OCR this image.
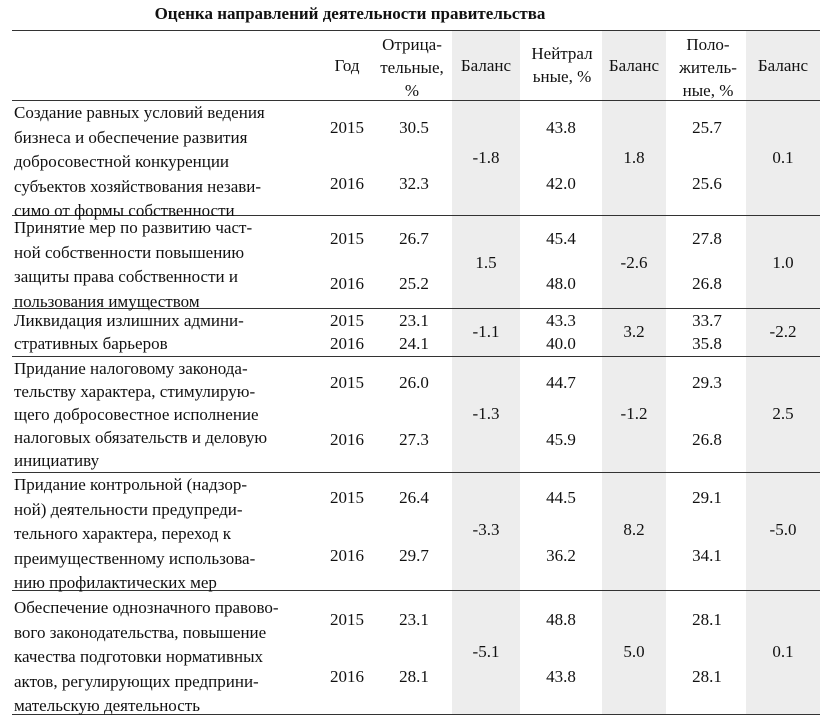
Оценка направлений деятельности правительства
Год
Отрица-
тельные,
%
Баланс
Нейтрал
ьные, %
Баланс
Поло-
житель-
ные, %
Баланс
Создание равных условий ведения
бизнеса и обеспечение развития
добросовестной конкуренции
субъектов хозяйствования незави-
симо от формы собственности
2015
2016
30.5
32.3
-1.8
43.8
42.0
1.8
25.7
25.6
0.1
Принятие мер по развитию част-
ной собственности повышению
защиты права собственности и
пользования имуществом
2015
2016
26.7
25.2
1.5
45.4
48.0
-2.6
27.8
26.8
1.0
Ликвидация излишних админи-
стративных барьеров
2015
2016
23.1
24.1
-1.1
43.3
40.0
3.2
33.7
35.8
-2.2
Придание налоговому законода-
тельству характера, стимулирую-
щего добросовестное исполнение
налоговых обязательств и деловую
инициативу
2015
2016
26.0
27.3
-1.3
44.7
45.9
-1.2
29.3
26.8
2.5
Придание контрольной (надзор-
ной) деятельности предупреди-
тельного характера, переход к
преимущественному использова-
нию профилактических мер
2015
2016
26.4
29.7
-3.3
44.5
36.2
8.2
29.1
34.1
-5.0
Обеспечение однозначного правово-
вого законодательства, повышение
качества подготовки нормативных
актов, регулирующих предприни-
мательскую деятельность
2015
2016
23.1
28.1
-5.1
48.8
43.8
5.0
28.1
28.1
0.1
